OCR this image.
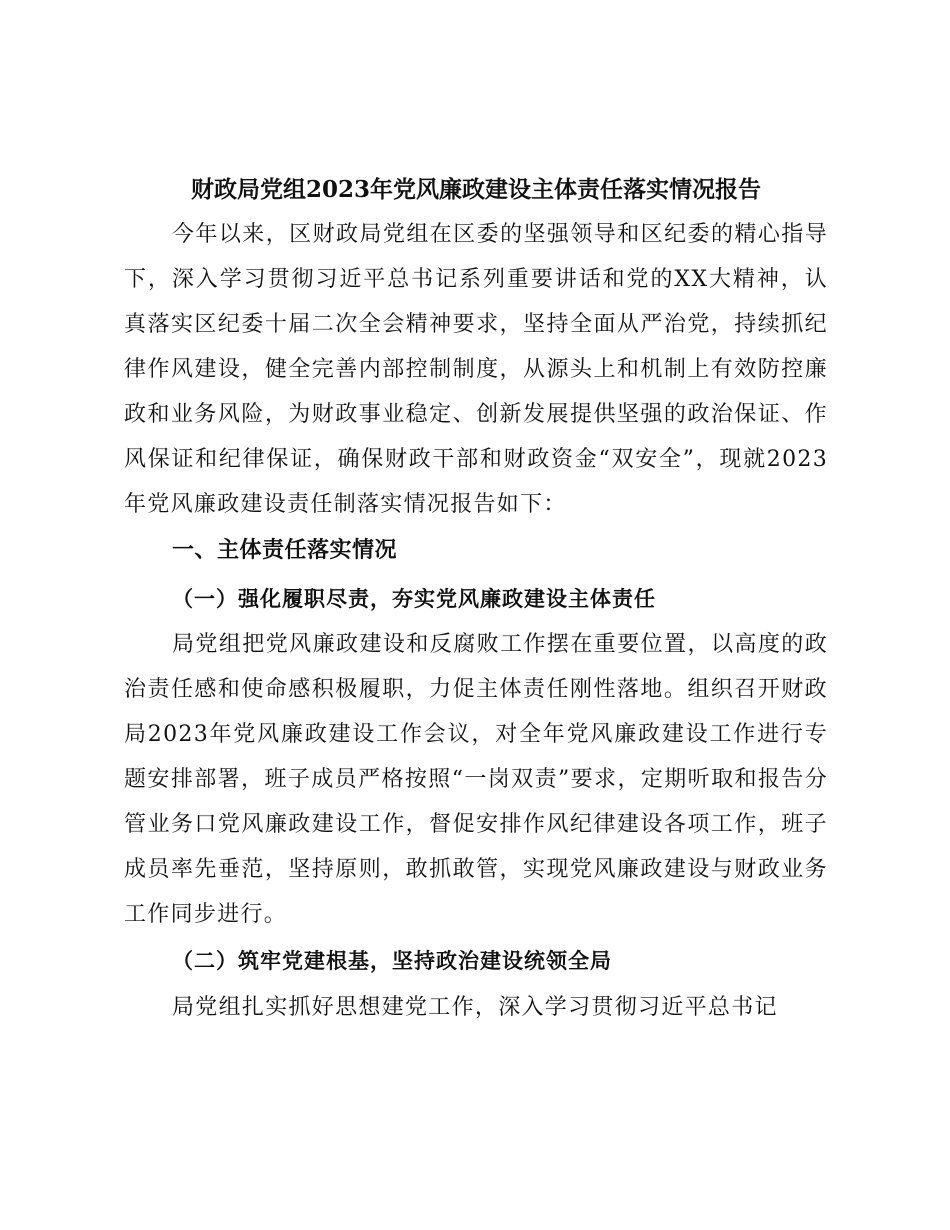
财政局党组2023年党风廉政建设主体责任落实情况报告

今年以来，区财政局党组在区委的坚强领导和区纪委的精心指导下，深入学习贯彻习近平总书记系列重要讲话和党的XX大精神，认真落实区纪委十届二次全会精神要求，坚持全面从严治党，持续抓纪律作风建设，健全完善内部控制制度，从源头上和机制上有效防控廉政和业务风险，为财政事业稳定、创新发展提供坚强的政治保证、作风保证和纪律保证，确保财政干部和财政资金“双安全”，现就2023年党风廉政建设责任制落实情况报告如下：

一、主体责任落实情况
（一）强化履职尽责，夯实党风廉政建设主体责任

局党组把党风廉政建设和反腐败工作摆在重要位置，以高度的政治责任感和使命感积极履职，力促主体责任刚性落地。组织召开财政局2023年党风廉政建设工作会议，对全年党风廉政建设工作进行专题安排部署，班子成员严格按照“一岗双责”要求，定期听取和报告分管业务口党风廉政建设工作，督促安排作风纪律建设各项工作，班子成员率先垂范，坚持原则，敢抓敢管，实现党风廉政建设与财政业务工作同步进行。

（二）筑牢党建根基，坚持政治建设统领全局

局党组扎实抓好思想建党工作，深入学习贯彻习近平总书记
